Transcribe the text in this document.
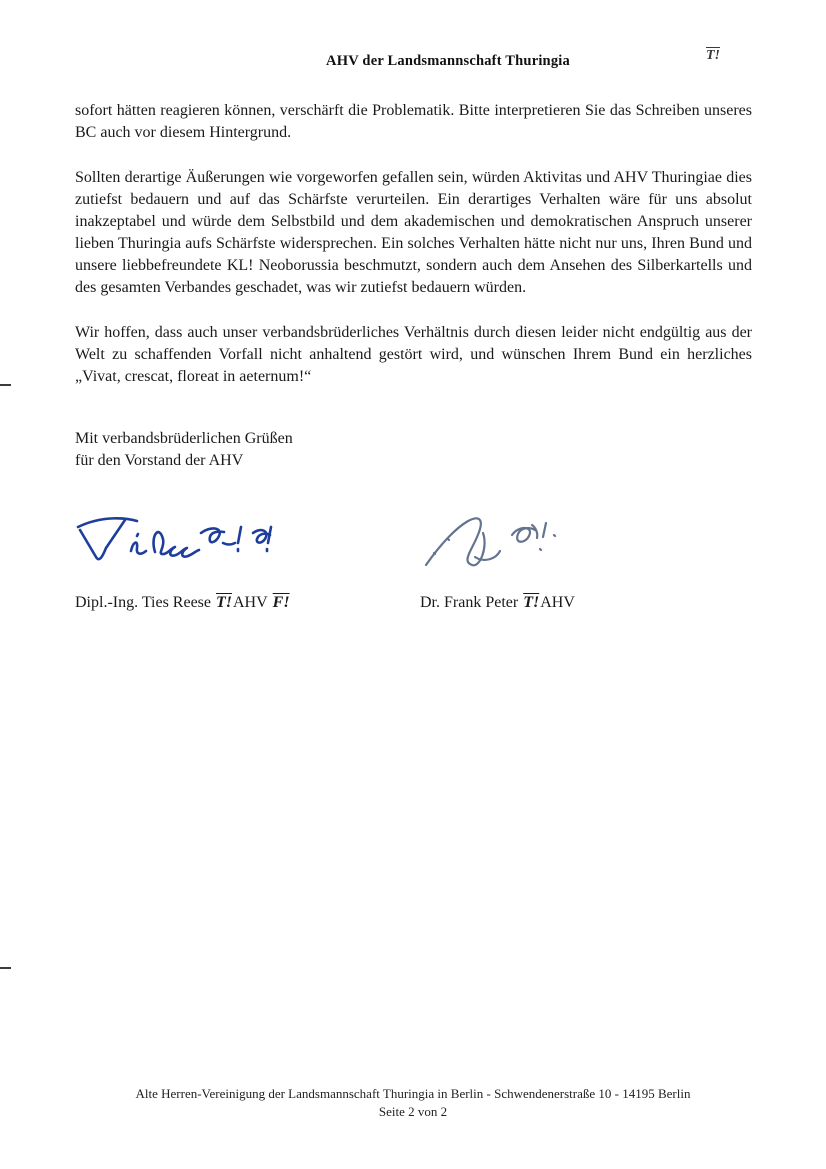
AHV der Landsmannschaft Thuringia	T!

sofort hätten reagieren können, verschärft die Problematik. Bitte interpretieren Sie das Schreiben unseres BC auch vor diesem Hintergrund.

Sollten derartige Äußerungen wie vorgeworfen gefallen sein, würden Aktivitas und AHV Thuringiae dies zutiefst bedauern und auf das Schärfste verurteilen. Ein derartiges Verhalten wäre für uns absolut inakzeptabel und würde dem Selbstbild und dem akademischen und demokratischen Anspruch unserer lieben Thuringia aufs Schärfste widersprechen. Ein solches Verhalten hätte nicht nur uns, Ihren Bund und unsere liebbefreundete KL! Neoborussia beschmutzt, sondern auch dem Ansehen des Silberkartells und des gesamten Verbandes geschadet, was wir zutiefst bedauern würden.

Wir hoffen, dass auch unser verbandsbrüderliches Verhältnis durch diesen leider nicht endgültig aus der Welt zu schaffenden Vorfall nicht anhaltend gestört wird, und wünschen Ihrem Bund ein herzliches „Vivat, crescat, floreat in aeternum!“

Mit verbandsbrüderlichen Grüßen
für den Vorstand der AHV
Dipl.-Ing. Ties Reese T!AHV F!	Dr. Frank Peter T!AHV
Alte Herren-Vereinigung der Landsmannschaft Thuringia in Berlin - Schwendenerstraße 10 - 14195 Berlin
Seite 2 von 2
